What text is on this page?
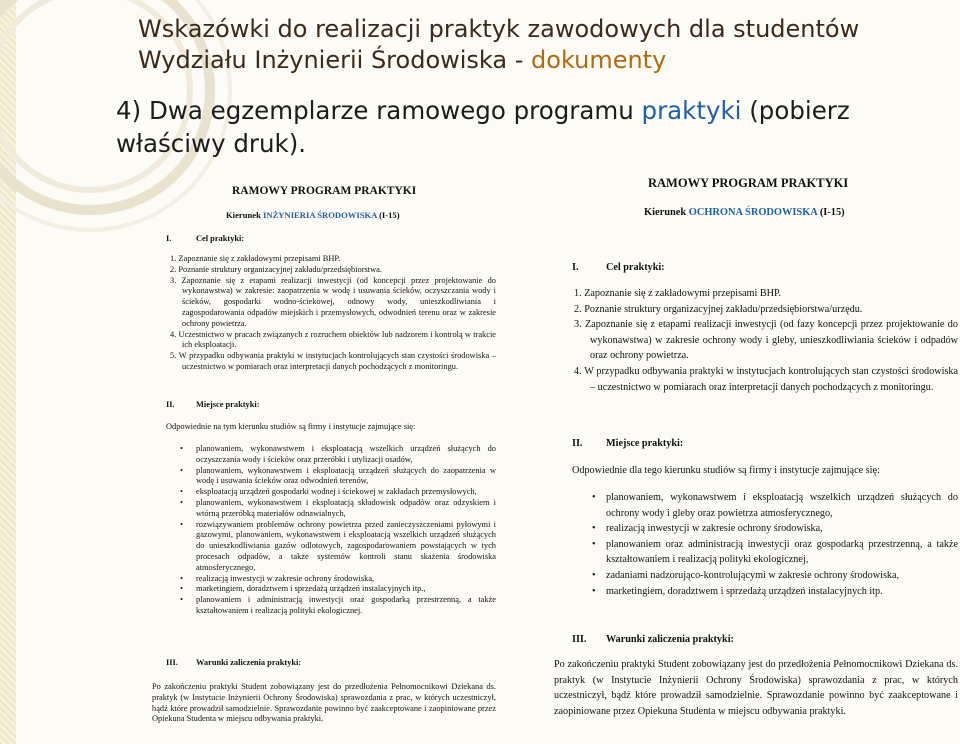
Wskazówki do realizacji praktyk zawodowych dla studentów
Wydziału Inżynierii Środowiska - dokumenty
4) Dwa egzemplarze ramowego programu praktyki (pobierz właściwy druk).
RAMOWY PROGRAM PRAKTYKI
Kierunek INŻYNIERIA ŚRODOWISKA (I-15)
I.	Cel praktyki:
1. Zapoznanie się z zakładowymi przepisami BHP.
2. Poznanie struktury organizacyjnej zakładu/przedsiębiorstwa.
3. Zapoznanie się z etapami realizacji inwestycji (od koncepcji przez projektowanie do wykonawstwa) w zakresie: zaopatrzenia w wodę i usuwania ścieków, oczyszczania wody i ścieków, gospodarki wodno-ściekowej, odnowy wody, unieszkodliwiania i zagospodarowania odpadów miejskich i przemysłowych, odwodnień terenu oraz w zakresie ochrony powietrza.
4. Uczestnictwo w pracach związanych z rozruchem obiektów lub nadzorem i kontrolą w trakcie ich eksploatacji.
5. W przypadku odbywania praktyki w instytucjach kontrolujących stan czystości środowiska – uczestnictwo w pomiarach oraz interpretacji danych pochodzących z monitoringu.
II.	Miejsce praktyki:

Odpowiednie na tym kierunku studiów są firmy i instytucje zajmujące się:

• planowaniem, wykonawstwem i eksploatacją wszelkich urządzeń służących do oczyszczania wody i ścieków oraz przeróbki i utylizacji osadów,
• planowaniem, wykonawstwem i eksploatacją urządzeń służących do zaopatrzenia w wodę i usuwania ścieków oraz odwodnień terenów,
• eksploatacją urządzeń gospodarki wodnej i ściekowej w zakładach przemysłowych,
• planowaniem, wykonawstwem i eksploatacją składowisk odpadów oraz odzyskiem i wtórną przeróbką materiałów odnawialnych,
• rozwiązywaniem problemów ochrony powietrza przed zanieczyszczeniami pyłowymi i gazowymi, planowaniem, wykonawstwem i eksploatacją wszelkich urządzeń służących do unieszkodliwiania gazów odlotowych, zagospodarowaniem powstających w tych procesach odpadów, a także systemów kontroli stanu skażenia środowiska atmosferycznego,
• realizacją inwestycji w zakresie ochrony środowiska,
• marketingiem, doradztwem i sprzedażą urządzeń instalacyjnych itp.,
• planowaniem i administracją inwestycji oraz gospodarką przestrzenną, a także kształtowaniem i realizacją polityki ekologicznej.
III. Warunki zaliczenia praktyki:

Po zakończeniu praktyki Student zobowiązany jest do przedłożenia Pełnomocnikowi Dziekana ds. praktyk (w Instytucie Inżynierii Ochrony Środowiska) sprawozdania z prac, w których uczestniczył, bądź które prowadził samodzielnie. Sprawozdanie powinno być zaakceptowane i zaopiniowane przez Opiekuna Studenta w miejscu odbywania praktyki.

RAMOWY PROGRAM PRAKTYKI
Kierunek OCHRONA ŚRODOWISKA (I-15)
I.	Cel praktyki:
1. Zapoznanie się z zakładowymi przepisami BHP.
2. Poznanie struktury organizacyjnej zakładu/przedsiębiorstwa/urzędu.
3. Zapoznanie się z etapami realizacji inwestycji (od fazy koncepcji przez projektowanie do wykonawstwa) w zakresie ochrony wody i gleby, unieszkodliwiania ścieków i odpadów oraz ochrony powietrza.
4. W przypadku odbywania praktyki w instytucjach kontrolujących stan czystości środowiska – uczestnictwo w pomiarach oraz interpretacji danych pochodzących z monitoringu.
II. Miejsce praktyki:

Odpowiednie dla tego kierunku studiów są firmy i instytucje zajmujące się:

• planowaniem, wykonawstwem i eksploatacją wszelkich urządzeń służących do ochrony wody i gleby oraz powietrza atmosferycznego,
• realizacją inwestycji w zakresie ochrony środowiska,
• planowaniem oraz administracją inwestycji oraz gospodarką przestrzenną, a także kształtowaniem i realizacją polityki ekologicznej,
• zadaniami nadzorująco-kontrolującymi w zakresie ochrony środowiska,
• marketingiem, doradztwem i sprzedażą urządzeń instalacyjnych itp.
III. Warunki zaliczenia praktyki:

Po zakończeniu praktyki Student zobowiązany jest do przedłożenia Pełnomocnikowi Dziekana ds. praktyk (w Instytucie Inżynierii Ochrony Środowiska) sprawozdania z prac, w których uczestniczył, bądź które prowadził samodzielnie. Sprawozdanie powinno być zaakceptowane i zaopiniowane przez Opiekuna Studenta w miejscu odbywania praktyki.
